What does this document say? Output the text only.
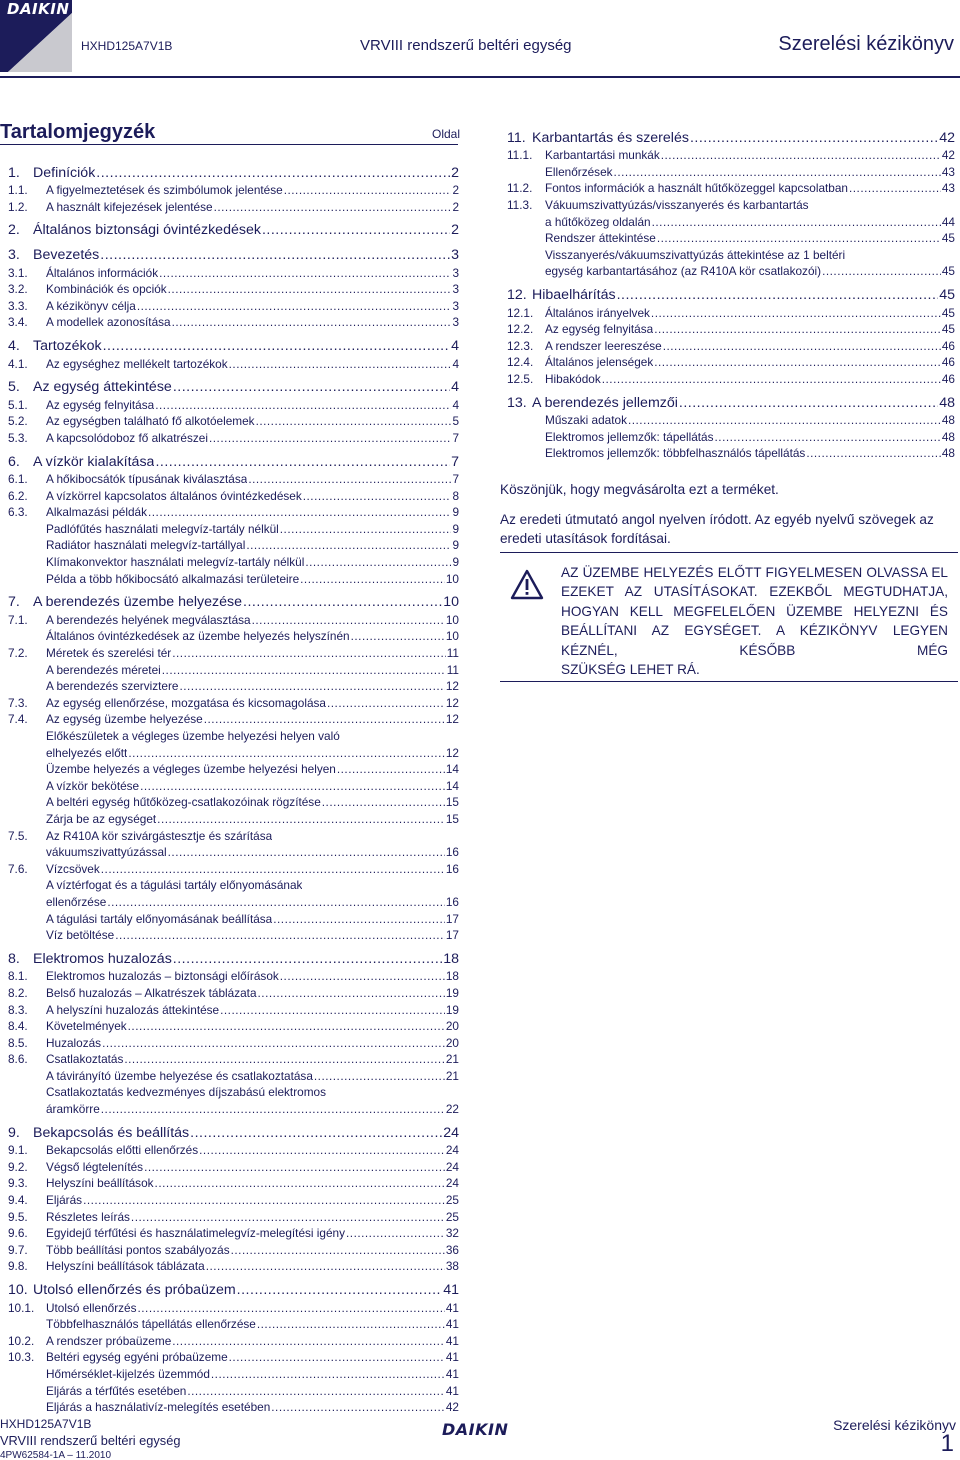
DAIKIN
HXHD125A7V1B	VRVIII rendszerű beltéri egység	Szerelési kézikönyv
Tartalomjegyzék	Oldal
1. Definíciók .....	2
1.1.	A figyelmeztetések és szimbólumok jelentése .....	2
1.2.	A használt kifejezések jelentése .....	2
2. Általános biztonsági óvintézkedések .....	2
3. Bevezetés .....	3
3.1.	Általános információk .....	3
3.2.	Kombinációk és opciók .....	3
3.3.	A kézikönyv célja .....	3
3.4.	A modellek azonosítása .....	3
4. Tartozékok .....	4
4.1.	Az egységhez mellékelt tartozékok .....	4
5. Az egység áttekintése .....	4
5.1.	Az egység felnyitása .....	4
5.2.	Az egységben található fő alkotóelemek .....	5
5.3.	A kapcsolódoboz fő alkatrészei .....	7
6. A vízkör kialakítása .....	7
6.1.	A hőkibocsátók típusának kiválasztása .....	7
6.2.	A vízkörrel kapcsolatos általános óvintézkedések .....	8
6.3.	Alkalmazási példák .....	9
Padlófűtés használati melegvíz-tartály nélkül .....	9
Radiátor használati melegvíz-tartállyal .....	9
Klímakonvektor használati melegvíz-tartály nélkül .....	9
Példa a több hőkibocsátó alkalmazási területeire .....	10
7. A berendezés üzembe helyezése .....	10
7.1.	A berendezés helyének megválasztása .....	10
Általános óvintézkedések az üzembe helyezés helyszínén .....	10
7.2.	Méretek és szerelési tér .....	11
A berendezés méretei .....	11
A berendezés szerviztere .....	12
7.3.	Az egység ellenőrzése, mozgatása és kicsomagolása .....	12
7.4.	Az egység üzembe helyezése .....	12
Előkészületek a végleges üzembe helyezési helyen való
elhelyezés előtt .....	12
Üzembe helyezés a végleges üzembe helyezési helyen .....	14
A vízkör bekötése .....	14
A beltéri egység hűtőközeg-csatlakozóinak rögzítése .....	15
Zárja be az egységet .....	15
7.5.	Az R410A kör szivárgástesztje és szárítása
vákuumszivattyúzással .....	16
7.6.	Vízcsövek .....	16
A víztérfogat és a tágulási tartály előnyomásának
ellenőrzése .....	16
A tágulási tartály előnyomásának beállítása .....	17
Víz betöltése .....	17
8. Elektromos huzalozás .....	18
8.1.	Elektromos huzalozás – biztonsági előírások .....	18
8.2.	Belső huzalozás – Alkatrészek táblázata .....	19
8.3.	A helyszíni huzalozás áttekintése .....	19
8.4.	Követelmények .....	20
8.5.	Huzalozás .....	20
8.6.	Csatlakoztatás .....	21
A távirányító üzembe helyezése és csatlakoztatása .....	21
Csatlakoztatás kedvezményes díjszabású elektromos
áramkörre .....	22
9. Bekapcsolás és beállítás .....	24
9.1.	Bekapcsolás előtti ellenőrzés .....	24
9.2.	Végső légtelenítés .....	24
9.3.	Helyszíni beállítások .....	24
9.4.	Eljárás .....	25
9.5.	Részletes leírás .....	25
9.6.	Egyidejű térfűtési és használatimelegvíz-melegítési igény .....	32
9.7.	Több beállítási pontos szabályozás .....	36
9.8.	Helyszíni beállítások táblázata .....	38
10. Utolsó ellenőrzés és próbaüzem .....	41
10.1. Utolsó ellenőrzés .....	41
Többfelhasználós tápellátás ellenőrzése .....	41
10.2. A rendszer próbaüzeme .....	41
10.3. Beltéri egység egyéni próbaüzeme .....	41
Hőmérséklet-kijelzés üzemmód .....	41
Eljárás a térfűtés esetében .....	41
Eljárás a használativíz-melegítés esetében .....	42
11. Karbantartás és szerelés .....	42
11.1.	Karbantartási munkák .....	42
Ellenőrzések .....	43
11.2.	Fontos információk a használt hűtőközeggel kapcsolatban .....	43
11.3.	Vákuumszivattyúzás/visszanyerés és karbantartás
a hűtőközeg oldalán .....	44
Rendszer áttekintése .....	45
Visszanyerés/vákuumszivattyúzás áttekintése az 1 beltéri
egység karbantartásához (az R410A kör csatlakozói) .....	45
12. Hibaelhárítás .....	45
12.1. Általános irányelvek .....	45
12.2. Az egység felnyitása .....	45
12.3. A rendszer leereszése .....	46
12.4. Általános jelenségek .....	46
12.5. Hibakódok .....	46
13. A berendezés jellemzői .....	48
Műszaki adatok .....	48
Elektromos jellemzők: tápellátás .....	48
Elektromos jellemzők: többfelhasználós tápellátás .....	48
Köszönjük, hogy megvásárolta ezt a terméket.
Az eredeti útmutató angol nyelven íródott. Az egyéb nyelvű szövegek az eredeti utasítások fordításai.
AZ ÜZEMBE HELYEZÉS ELŐTT FIGYELMESEN OLVASSA EL EZEKET AZ UTASÍTÁSOKAT. EZEKBŐL MEGTUDHATJA, HOGYAN KELL MEGFELELŐEN ÜZEMBE HELYEZNI ÉS BEÁLLÍTANI AZ EGYSÉGET. A KÉZIKÖNYV LEGYEN KÉZNÉL, KÉSŐBB MÉG
SZÜKSÉG LEHET RÁ.
HXHD125A7V1B
VRVIII rendszerű beltéri egység
4PW62584-1A – 11.2010
DAIKIN	Szerelési kézikönyv
1
